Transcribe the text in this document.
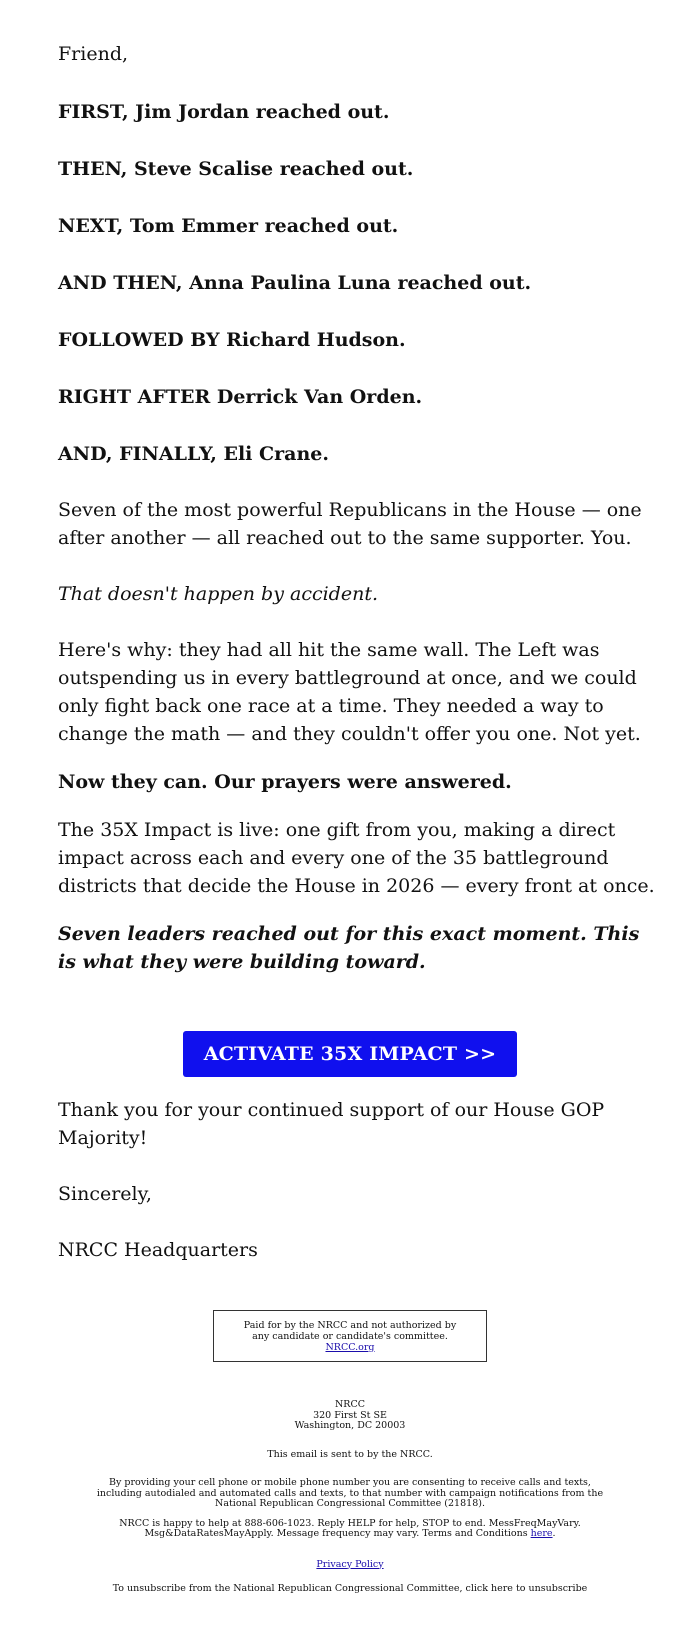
Friend,

FIRST, Jim Jordan reached out.

THEN, Steve Scalise reached out.

NEXT, Tom Emmer reached out.

AND THEN, Anna Paulina Luna reached out.

FOLLOWED BY Richard Hudson.

RIGHT AFTER Derrick Van Orden.

AND, FINALLY, Eli Crane.

Seven of the most powerful Republicans in the House — one after another — all reached out to the same supporter. You.

That doesn't happen by accident.

Here's why: they had all hit the same wall. The Left was outspending us in every battleground at once, and we could only fight back one race at a time. They needed a way to change the math — and they couldn't offer you one. Not yet.

Now they can. Our prayers were answered.

The 35X Impact is live: one gift from you, making a direct impact across each and every one of the 35 battleground districts that decide the House in 2026 — every front at once.

Seven leaders reached out for this exact moment. This is what they were building toward.

ACTIVATE 35X IMPACT >>

Thank you for your continued support of our House GOP Majority!

Sincerely,

NRCC Headquarters

Paid for by the NRCC and not authorized by any candidate or candidate's committee. NRCC.org
NRCC
320 First St SE
Washington, DC 20003
This email is sent to by the NRCC.
By providing your cell phone or mobile phone number you are consenting to receive calls and texts, including autodialed and automated calls and texts, to that number with campaign notifications from the National Republican Congressional Committee (21818).
NRCC is happy to help at 888-606-1023. Reply HELP for help, STOP to end. MessFreqMayVary. Msg&DataRatesMayApply. Message frequency may vary. Terms and Conditions here.
Privacy Policy
To unsubscribe from the National Republican Congressional Committee, click here to unsubscribe
